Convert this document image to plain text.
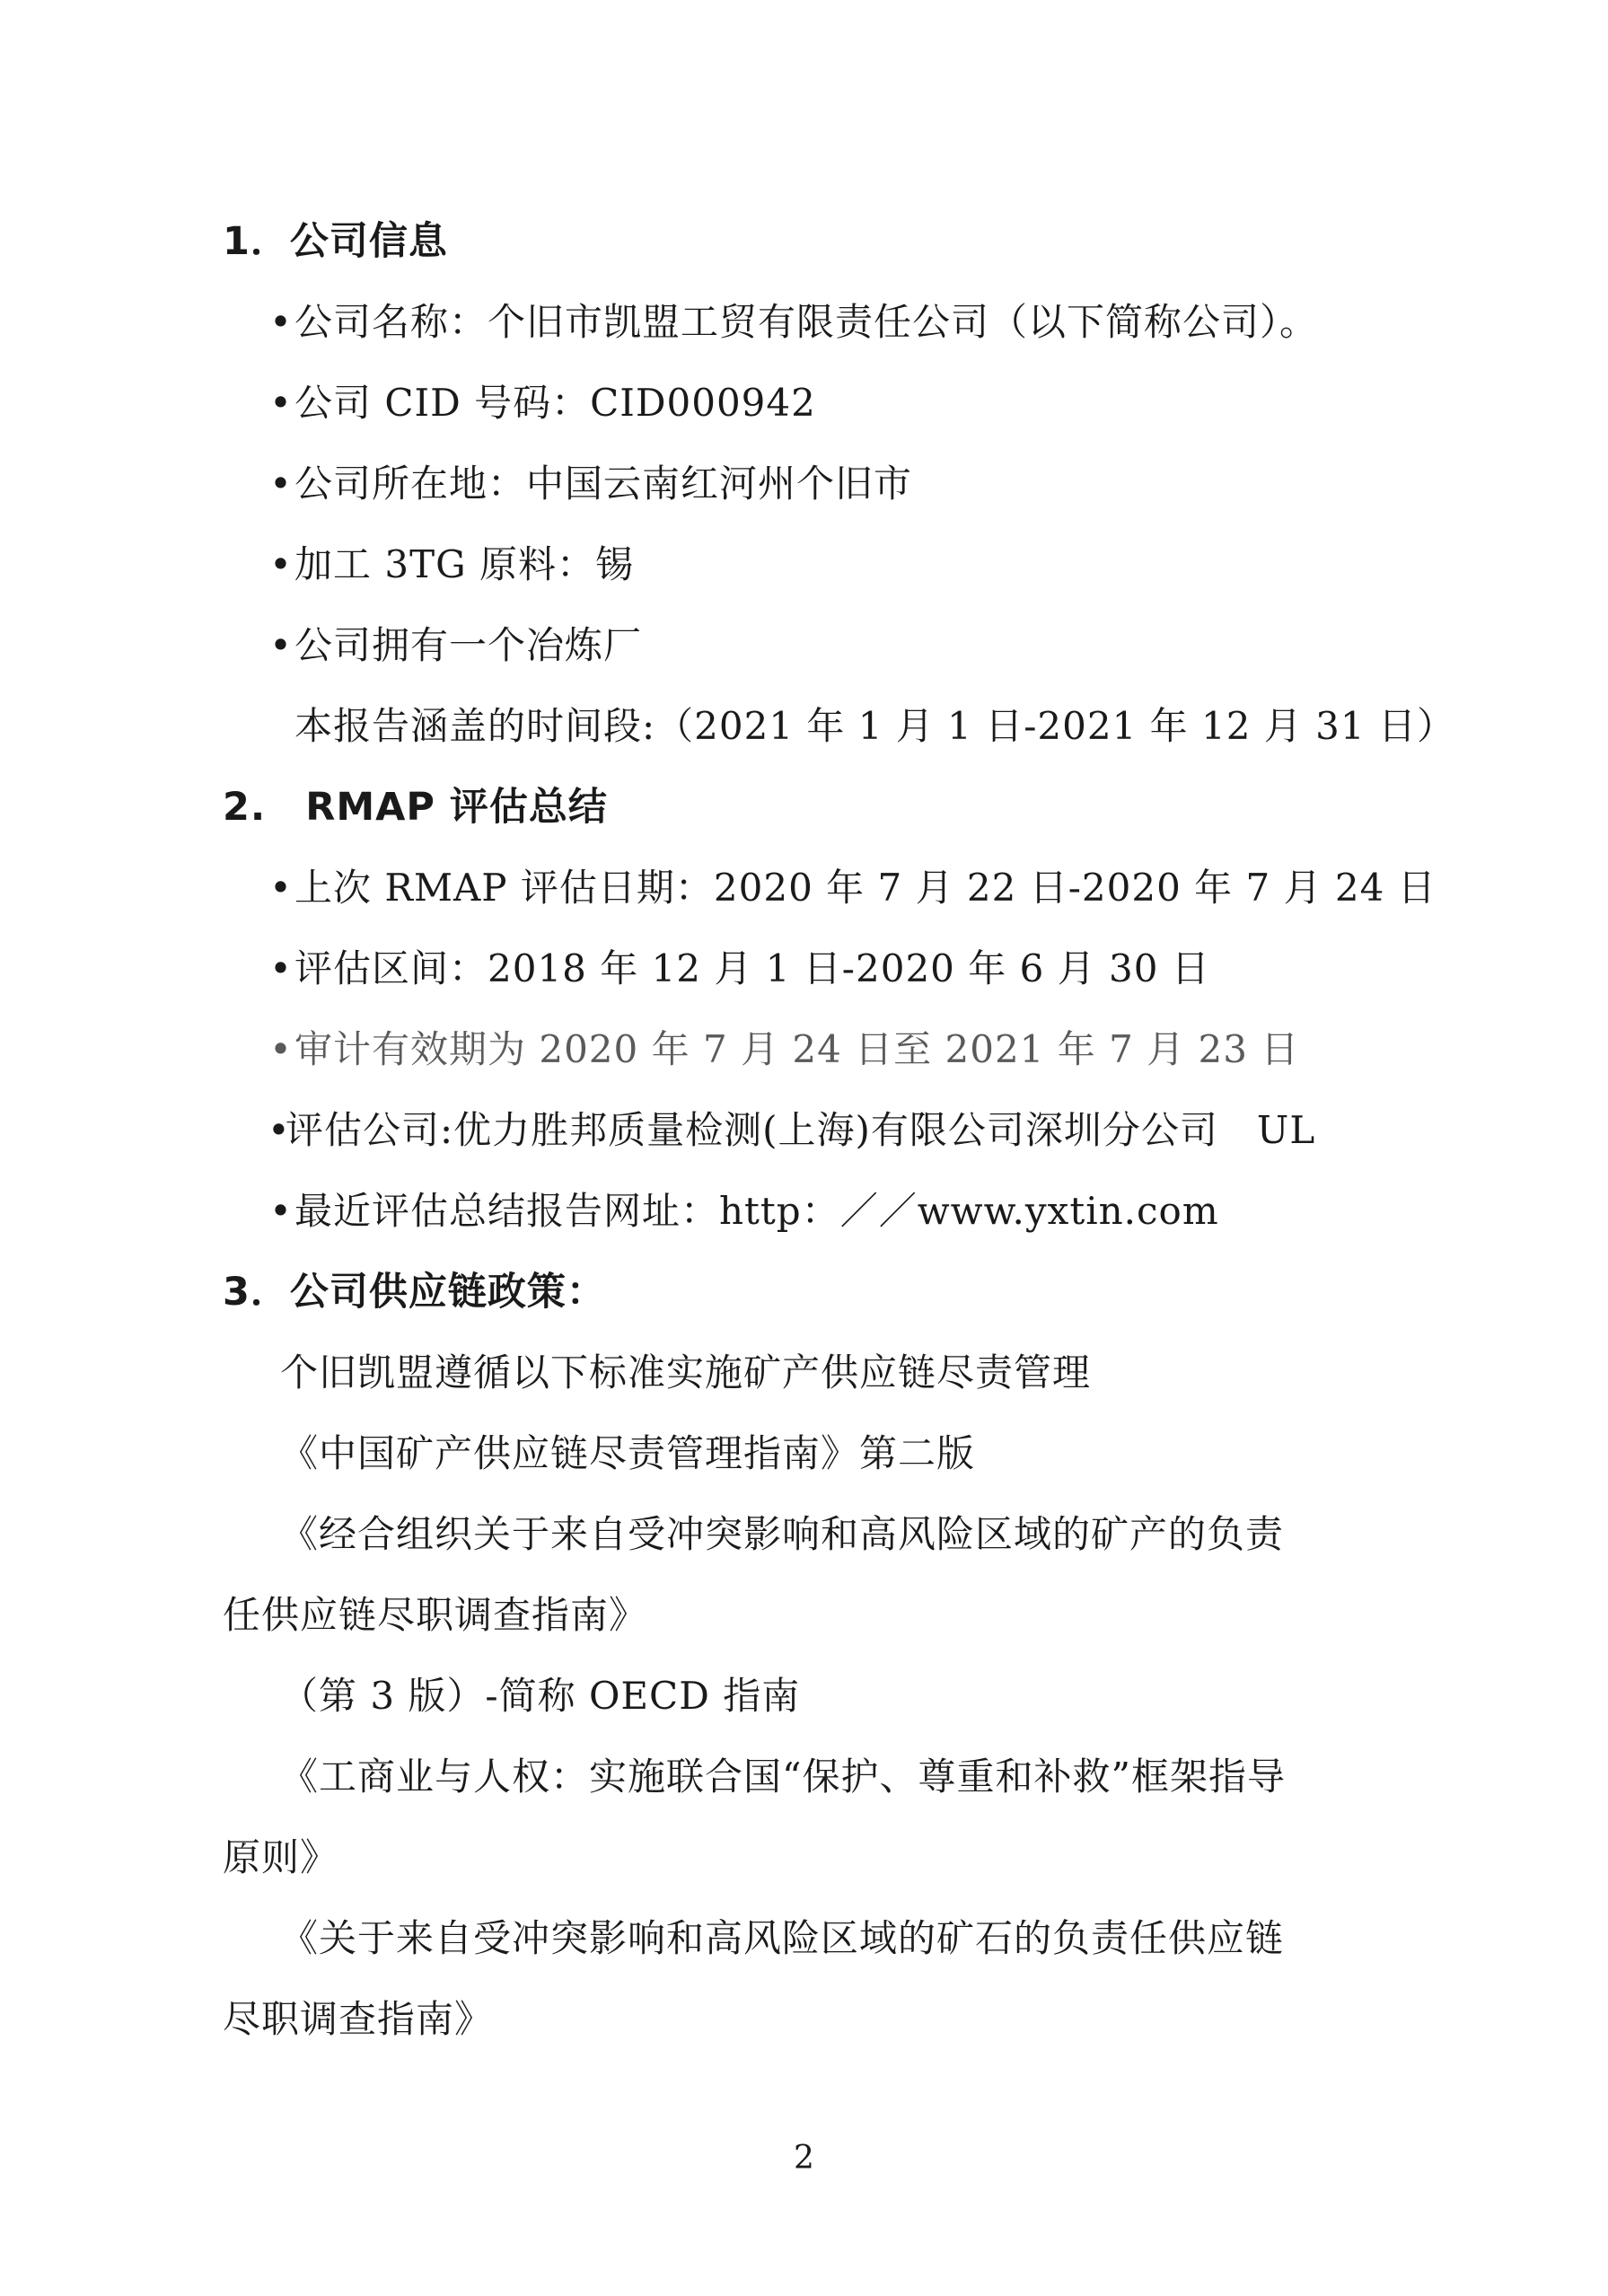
1．公司信息
•公司名称：个旧市凯盟工贸有限责任公司（以下简称公司）。
•公司 CID 号码：CID000942
•公司所在地：中国云南红河州个旧市
•加工 3TG 原料：锡
•公司拥有一个冶炼厂
本报告涵盖的时间段:（2021 年 1 月 1 日-2021 年 12 月 31 日）
2.　RMAP 评估总结
•上次 RMAP 评估日期：2020 年 7 月 22 日-2020 年 7 月 24 日
•评估区间：2018 年 12 月 1 日-2020 年 6 月 30 日
•审计有效期为 2020 年 7 月 24 日至 2021 年 7 月 23 日
•评估公司:优力胜邦质量检测(上海)有限公司深圳分公司　UL
•最近评估总结报告网址：http：／／www.yxtin.com
3．公司供应链政策：
个旧凯盟遵循以下标准实施矿产供应链尽责管理
《中国矿产供应链尽责管理指南》第二版
《经合组织关于来自受冲突影响和高风险区域的矿产的负责
任供应链尽职调查指南》
（第 3 版）-简称 OECD 指南
《工商业与人权：实施联合国“保护、尊重和补救”框架指导
原则》
《关于来自受冲突影响和高风险区域的矿石的负责任供应链
尽职调查指南》
2
